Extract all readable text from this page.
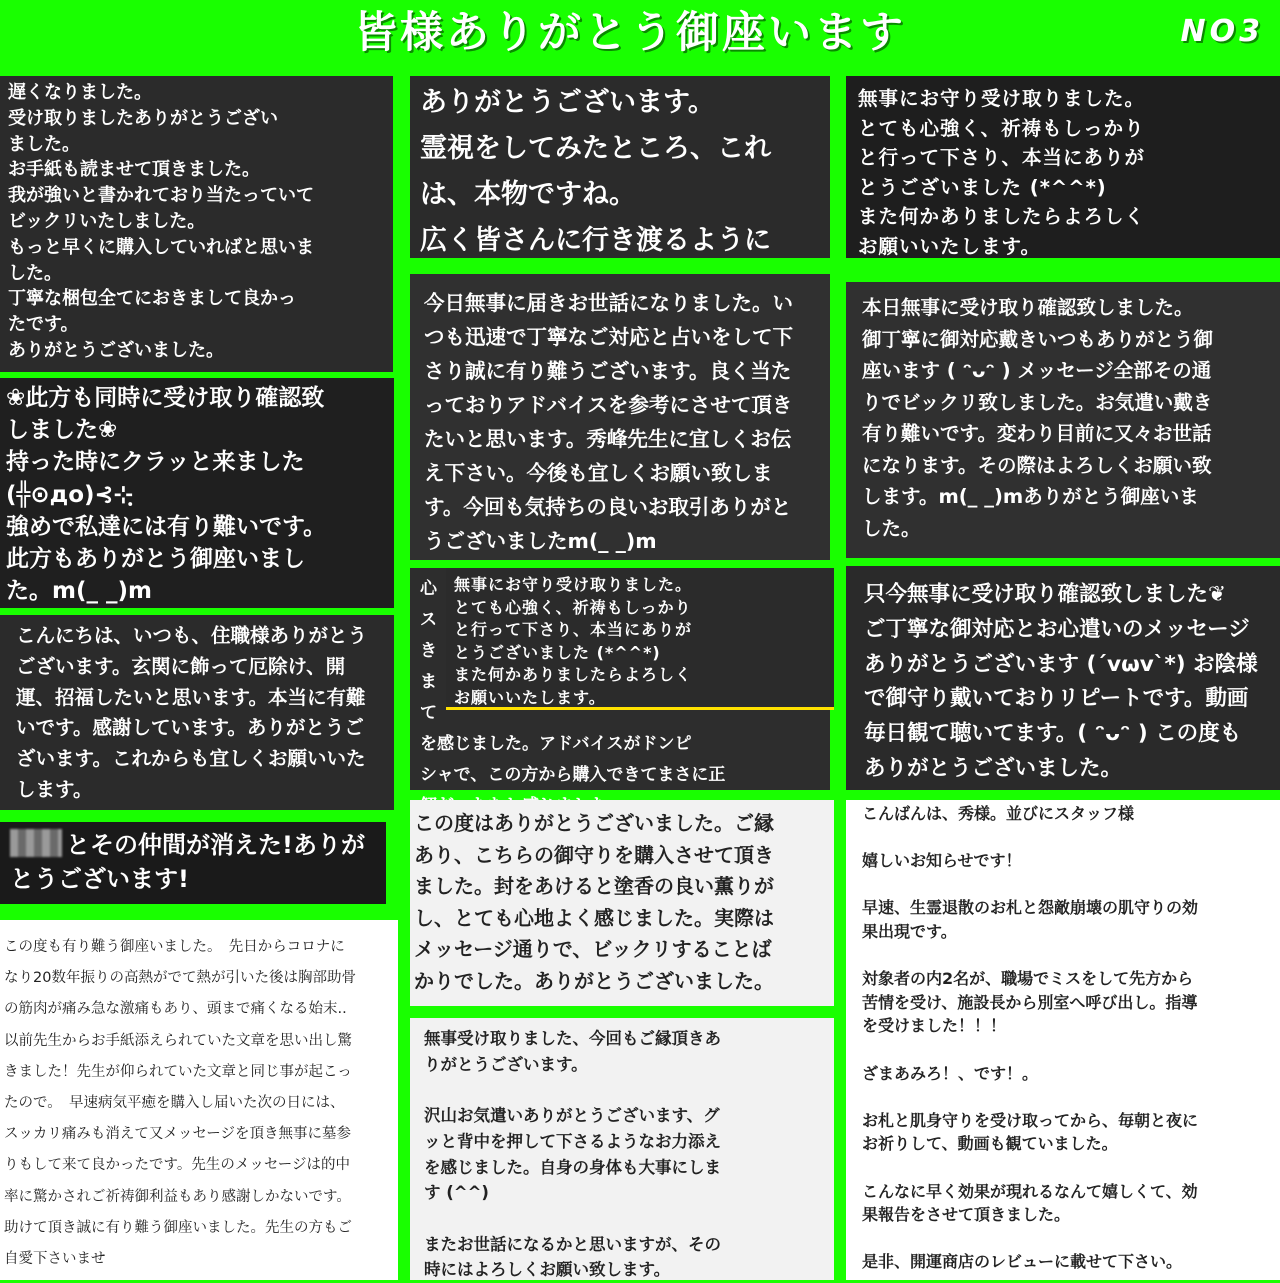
皆様ありがとう御座います	NO3
遅くなりました。
受け取りましたありがとうござい
ました。
お手紙も読ませて頂きました。
我が強いと書かれており当たっていて
ビックリいたしました。
もっと早くに購入していればと思いま
した。
丁寧な梱包全てにおきまして良かっ
たです。
ありがとうございました。
❀此方も同時に受け取り確認致
しました❀
持った時にクラッと来ました
(╬⊙дo)⊰⊹ฺ
強めで私達には有り難いです。
此方もありがとう御座いまし
た。m(_ _)m
こんにちは、いつも、住職様ありがとう
ございます。玄関に飾って厄除け、開
運、招福したいと思います。本当に有難
いです。感謝しています。ありがとうご
ざいます。これからも宜しくお願いいた
します。
とその仲間が消えた!ありが
とうございます!
この度も有り難う御座いました。　先日からコロナに
なり20数年振りの高熱がでて熱が引いた後は胸部助骨
の筋肉が痛み急な激痛もあり、頭まで痛くなる始末..
以前先生からお手紙添えられていた文章を思い出し驚
きました！先生が仰られていた文章と同じ事が起こっ
たので。　早速病気平癒を購入し届いた次の日には、
スッカリ痛みも消えて又メッセージを頂き無事に墓参
りもして来て良かったです。先生のメッセージは的中
率に驚かされご祈祷御利益もあり感謝しかないです。
助けて頂き誠に有り難う御座いました。先生の方もご
自愛下さいませ
ありがとうございます。
霊視をしてみたところ、これ
は、本物ですね。
広く皆さんに行き渡るように
今日無事に届きお世話になりました。い
つも迅速で丁寧なご対応と占いをして下
さり誠に有り難うございます。良く当た
っておりアドバイスを参考にさせて頂き
たいと思います。秀峰先生に宜しくお伝
え下さい。今後も宜しくお願い致しま
す。今回も気持ちの良いお取引ありがと
うございましたm(_ _)m
心
ス
き
ま
て
を感じました。アドバイスがドンピ
シャで、この方から購入できてまさに正

無事にお守り受け取りました。
とても心強く、祈祷もしっかり
と行って下さり、本当にありが
とうございました (*^^*)
また何かありましたらよろしく
お願いいたします。
この度はありがとうございました。ご縁
あり、こちらの御守りを購入させて頂き
ました。封をあけると塗香の良い薫りが
し、とても心地よく感じました。実際は
メッセージ通りで、ビックリすることば
かりでした。ありがとうございました。
無事受け取りました、今回もご縁頂きあ
りがとうございます。

沢山お気遣いありがとうございます、グ
ッと背中を押して下さるようなお力添え
を感じました。自身の身体も大事にしま
す (^^)

またお世話になるかと思いますが、その
時にはよろしくお願い致します。
無事にお守り受け取りました。
とても心強く、祈祷もしっかり
と行って下さり、本当にありが
とうございました (*^^*)
また何かありましたらよろしく
お願いいたします。
本日無事に受け取り確認致しました。
御丁寧に御対応戴きいつもありがとう御
座います ( ᵔᴗᵔ ) メッセージ全部その通
りでビックリ致しました。お気遣い戴き
有り難いです。変わり目前に又々お世話
になります。その際はよろしくお願い致
します。m(_ _)mありがとう御座いま
した。
只今無事に受け取り確認致しました❦
ご丁寧な御対応とお心遣いのメッセージ
ありがとうございます (´vωv`*) お陰様
で御守り戴いておりリピートです。動画
毎日観て聴いてます。( ᵔᴗᵔ ) この度も
ありがとうございました。
こんばんは、秀様。並びにスタッフ様

嬉しいお知らせです！

早速、生霊退散のお札と怨敵崩壊の肌守りの効
果出現です。

対象者の内2名が、職場でミスをして先方から
苦情を受け、施設長から別室へ呼び出し。指導
を受けました！！！

ざまあみろ！、です！。

お札と肌身守りを受け取ってから、毎朝と夜に
お祈りして、動画も観ていました。

こんなに早く効果が現れるなんて嬉しくて、効
果報告をさせて頂きました。

是非、開運商店のレビューに載せて下さい。
